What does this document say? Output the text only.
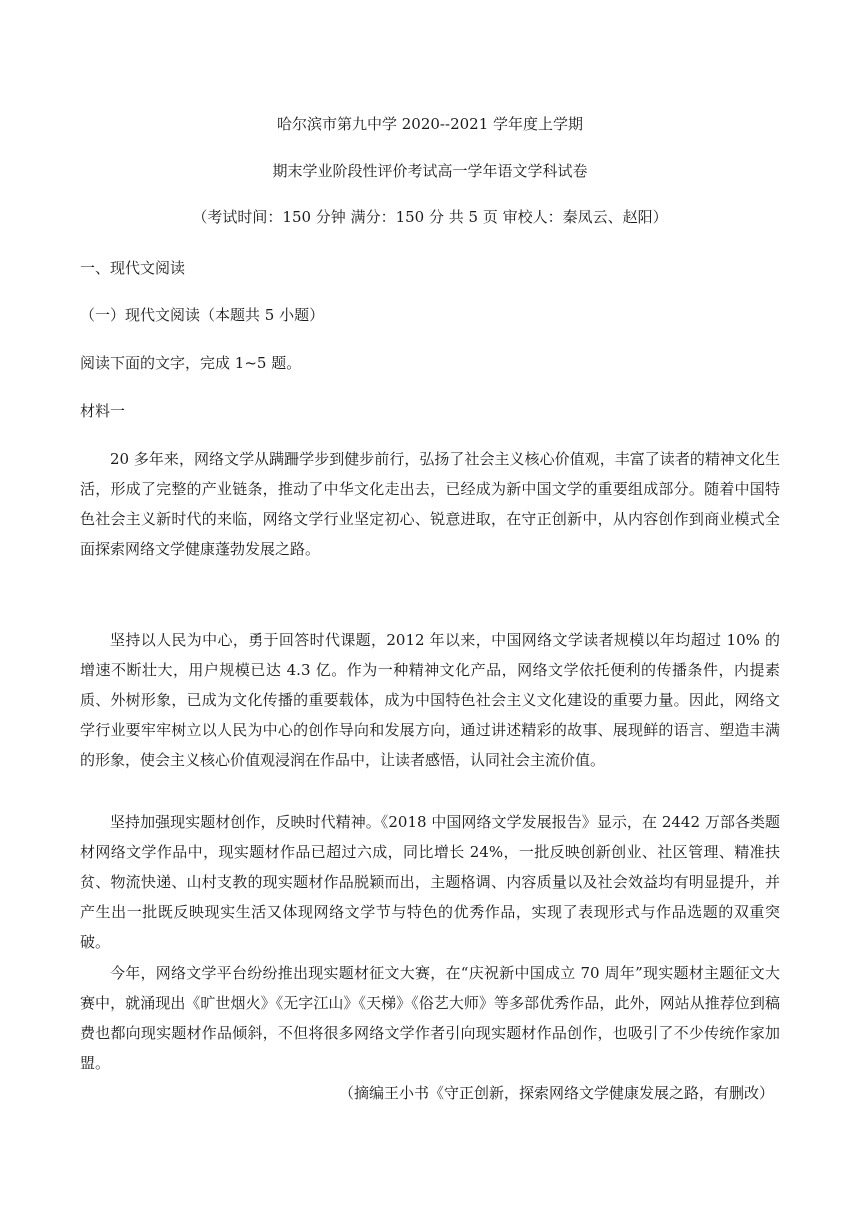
哈尔滨市第九中学 2020--2021 学年度上学期
期末学业阶段性评价考试高一学年语文学科试卷
（考试时间：150 分钟 满分：150 分 共 5 页 审校人：秦凤云、赵阳）
一、现代文阅读
（一）现代文阅读（本题共 5 小题）
阅读下面的文字，完成 1~5 题。
材料一

20 多年来，网络文学从蹒跚学步到健步前行，弘扬了社会主义核心价值观，丰富了读者的精神文化生活，形成了完整的产业链条，推动了中华文化走出去，已经成为新中国文学的重要组成部分。随着中国特色社会主义新时代的来临，网络文学行业坚定初心、锐意进取，在守正创新中，从内容创作到商业模式全面探索网络文学健康蓬勃发展之路。

坚持以人民为中心，勇于回答时代课题，2012 年以来，中国网络文学读者规模以年均超过 10% 的增速不断壮大，用户规模已达 4.3 亿。作为一种精神文化产品，网络文学依托便利的传播条件，内提素质、外树形象，已成为文化传播的重要载体，成为中国特色社会主义文化建设的重要力量。因此，网络文学行业要牢牢树立以人民为中心的创作导向和发展方向，通过讲述精彩的故事、展现鲜的语言、塑造丰满的形象，使会主义核心价值观浸润在作品中，让读者感悟，认同社会主流价值。

坚持加强现实题材创作，反映时代精神。《2018 中国网络文学发展报告》显示，在 2442 万部各类题材网络文学作品中，现实题材作品已超过六成，同比增长 24%，一批反映创新创业、社区管理、精准扶贫、物流快递、山村支教的现实题材作品脱颖而出，主题格调、内容质量以及社会效益均有明显提升，并产生出一批既反映现实生活又体现网络文学节与特色的优秀作品，实现了表现形式与作品选题的双重突破。

今年，网络文学平台纷纷推出现实题材征文大赛，在“庆祝新中国成立 70 周年”现实题材主题征文大赛中，就涌现出《旷世烟火》《无字江山》《天梯》《俗艺大师》等多部优秀作品，此外，网站从推荐位到稿费也都向现实题材作品倾斜，不但将很多网络文学作者引向现实题材作品创作，也吸引了不少传统作家加盟。

（摘编王小书《守正创新，探索网络文学健康发展之路，有删改）
